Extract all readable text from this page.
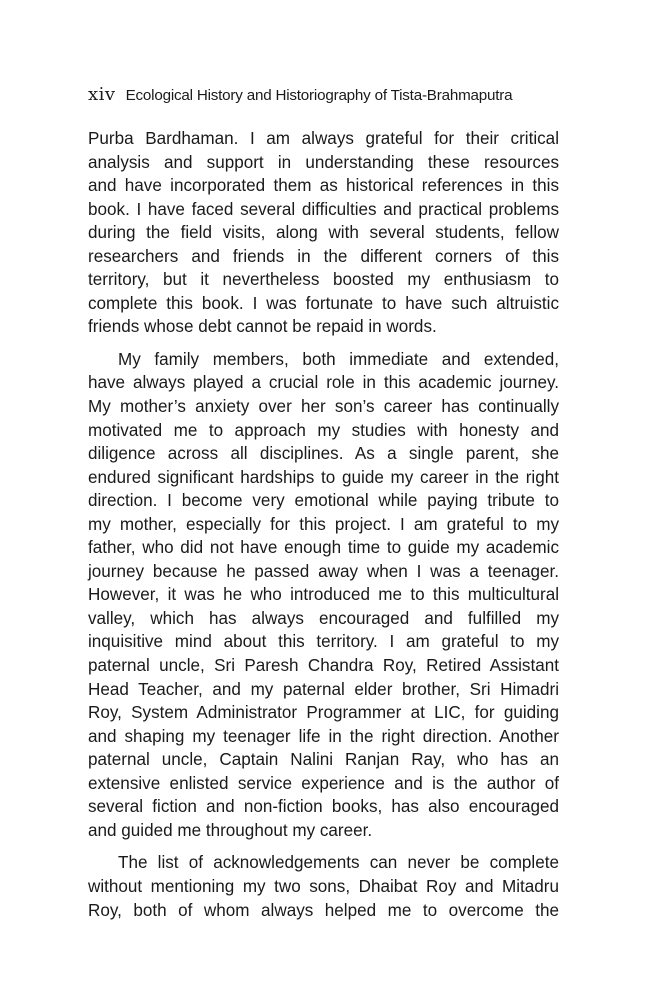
xiv Ecological History and Historiography of Tista-Brahmaputra

Purba Bardhaman. I am always grateful for their critical
analysis and support in understanding these resources
and have incorporated them as historical references in this
book. I have faced several difficulties and practical problems
during the field visits, along with several students, fellow
researchers and friends in the different corners of this
territory, but it nevertheless boosted my enthusiasm to
complete this book. I was fortunate to have such altruistic
friends whose debt cannot be repaid in words.

My family members, both immediate and extended,
have always played a crucial role in this academic journey.
My mother’s anxiety over her son’s career has continually
motivated me to approach my studies with honesty and
diligence across all disciplines. As a single parent, she
endured significant hardships to guide my career in the right
direction. I become very emotional while paying tribute to
my mother, especially for this project. I am grateful to my
father, who did not have enough time to guide my academic
journey because he passed away when I was a teenager.
However, it was he who introduced me to this multicultural
valley, which has always encouraged and fulfilled my
inquisitive mind about this territory. I am grateful to my
paternal uncle, Sri Paresh Chandra Roy, Retired Assistant
Head Teacher, and my paternal elder brother, Sri Himadri
Roy, System Administrator Programmer at LIC, for guiding
and shaping my teenager life in the right direction. Another
paternal uncle, Captain Nalini Ranjan Ray, who has an
extensive enlisted service experience and is the author of
several fiction and non-fiction books, has also encouraged
and guided me throughout my career.

The list of acknowledgements can never be complete
without mentioning my two sons, Dhaibat Roy and Mitadru
Roy, both of whom always helped me to overcome the
